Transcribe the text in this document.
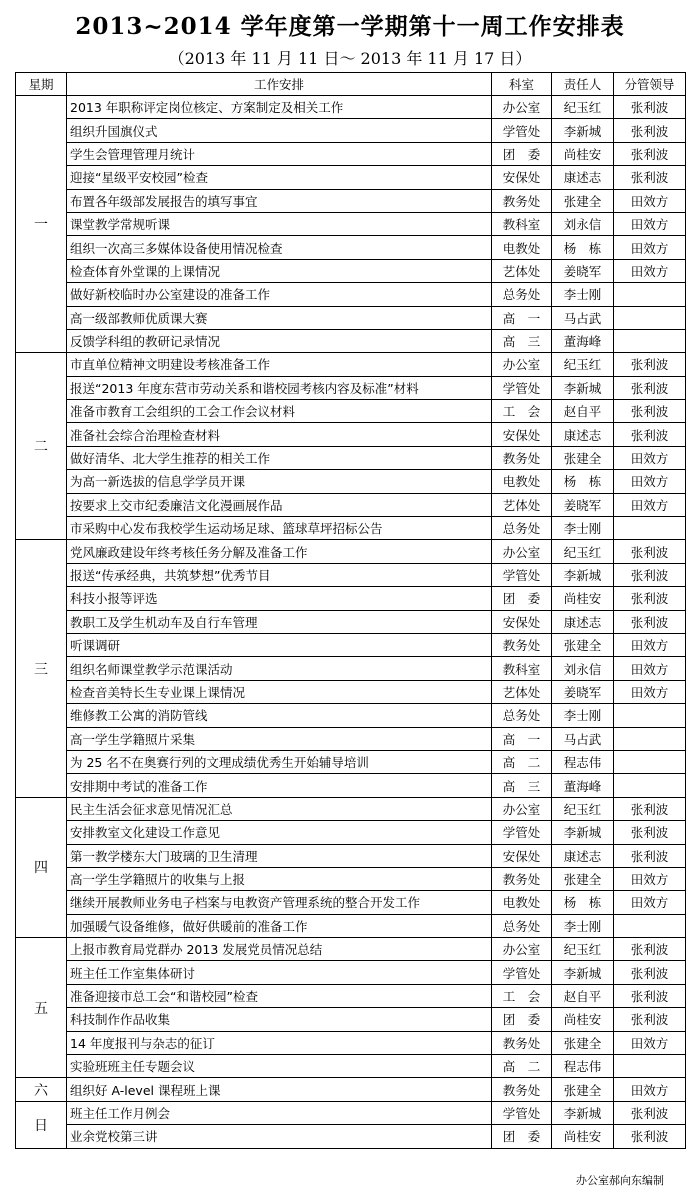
2013~2014 学年度第一学期第十一周工作安排表
（2013 年 11 月 11 日～ 2013 年 11 月 17 日）
星期	工作安排	科室	责任人	分管领导
一	2013 年职称评定岗位核定、方案制定及相关工作	办公室	纪玉红	张利波
	组织升国旗仪式	学管处	李新城	张利波
	学生会管理管理月统计	团　委	尚桂安	张利波
	迎接“星级平安校园”检查	安保处	康述志	张利波
	布置各年级部发展报告的填写事宜	教务处	张建全	田效方
	课堂教学常规听课	教科室	刘永信	田效方
	组织一次高三多媒体设备使用情况检查	电教处	杨　栋	田效方
	检查体育外堂课的上课情况	艺体处	姜晓军	田效方
	做好新校临时办公室建设的准备工作	总务处	李士刚	
	高一级部教师优质课大赛	高　一	马占武	
	反馈学科组的教研记录情况	高　三	董海峰	
二	市直单位精神文明建设考核准备工作	办公室	纪玉红	张利波
	报送“2013 年度东营市劳动关系和谐校园考核内容及标准”材料	学管处	李新城	张利波
	准备市教育工会组织的工会工作会议材料	工　会	赵自平	张利波
	准备社会综合治理检查材料	安保处	康述志	张利波
	做好清华、北大学生推荐的相关工作	教务处	张建全	田效方
	为高一新选拔的信息学学员开课	电教处	杨　栋	田效方
	按要求上交市纪委廉洁文化漫画展作品	艺体处	姜晓军	田效方
	市采购中心发布我校学生运动场足球、篮球草坪招标公告	总务处	李士刚	
三	党风廉政建设年终考核任务分解及准备工作	办公室	纪玉红	张利波
	报送“传承经典，共筑梦想”优秀节目	学管处	李新城	张利波
	科技小报等评选	团　委	尚桂安	张利波
	教职工及学生机动车及自行车管理	安保处	康述志	张利波
	听课调研	教务处	张建全	田效方
	组织名师课堂教学示范课活动	教科室	刘永信	田效方
	检查音美特长生专业课上课情况	艺体处	姜晓军	田效方
	维修教工公寓的消防管线	总务处	李士刚	
	高一学生学籍照片采集	高　一	马占武	
	为 25 名不在奥赛行列的文理成绩优秀生开始辅导培训	高　二	程志伟	
	安排期中考试的准备工作	高　三	董海峰	
四	民主生活会征求意见情况汇总	办公室	纪玉红	张利波
	安排教室文化建设工作意见	学管处	李新城	张利波
	第一教学楼东大门玻璃的卫生清理	安保处	康述志	张利波
	高一学生学籍照片的收集与上报	教务处	张建全	田效方
	继续开展教师业务电子档案与电教资产管理系统的整合开发工作	电教处	杨　栋	田效方
	加强暖气设备维修，做好供暖前的准备工作	总务处	李士刚	
五	上报市教育局党群办 2013 发展党员情况总结	办公室	纪玉红	张利波
	班主任工作室集体研讨	学管处	李新城	张利波
	准备迎接市总工会“和谐校园”检查	工　会	赵自平	张利波
	科技制作作品收集	团　委	尚桂安	张利波
	14 年度报刊与杂志的征订	教务处	张建全	田效方
	实验班班主任专题会议	高　二	程志伟	
六	组织好 A-level 课程班上课	教务处	张建全	田效方
日	班主任工作月例会	学管处	李新城	张利波
	业余党校第三讲	团　委	尚桂安	张利波
办公室郝向东编制
